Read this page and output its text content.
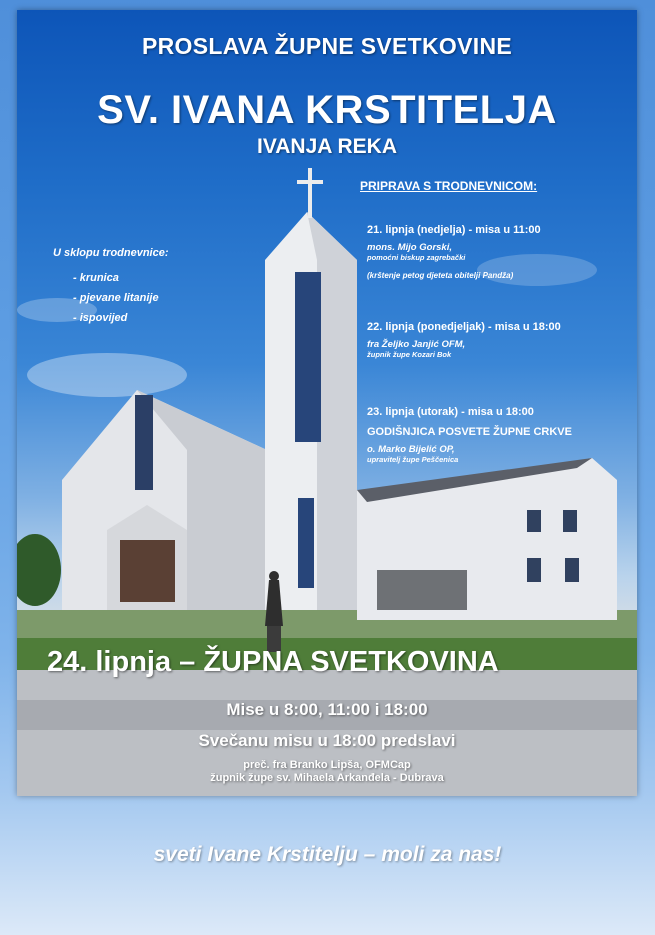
PROSLAVA ŽUPNE SVETKOVINE
SV. IVANA KRSTITELJA
IVANJA REKA
PRIPRAVA S TRODNEVNICOM:
U sklopu trodnevnice:
- krunica
- pjevane litanije
- ispovijed
21. lipnja (nedjelja) - misa u 11:00
mons. Mijo Gorski,
pomoćni biskup zagrebački
(krštenje petog djeteta obitelji Pandža)
22. lipnja (ponedjeljak) - misa u 18:00
fra Željko Janjić OFM,
župnik župe Kozari Bok
23. lipnja (utorak) - misa u 18:00
GODIŠNJICA POSVETE ŽUPNE CRKVE
o. Marko Bijelić OP,
upravitelj župe Peščenica
24. lipnja – ŽUPNA SVETKOVINA
Mise u 8:00, 11:00 i 18:00
Svečanu misu u 18:00 predslavi
preč. fra Branko Lipša, OFMCap
župnik župe sv. Mihaela Arkanđela - Dubrava
sveti Ivane Krstitelju – moli za nas!
